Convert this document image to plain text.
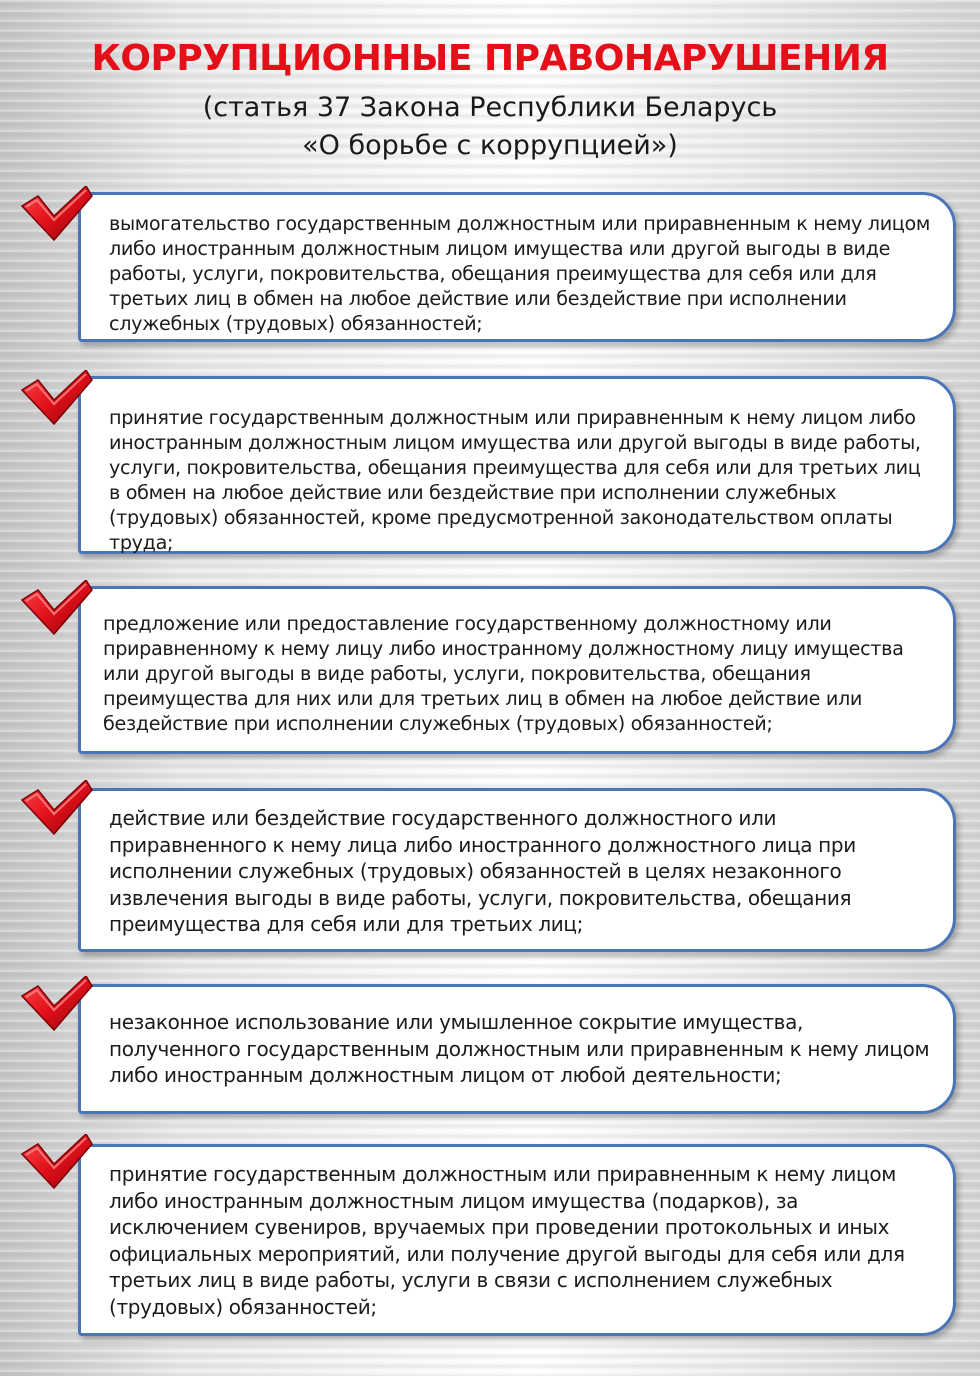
КОРРУПЦИОННЫЕ ПРАВОНАРУШЕНИЯ
(статья 37 Закона Республики Беларусь
«О борьбе с коррупцией»)
вымогательство государственным должностным или приравненным к нему лицом либо иностранным должностным лицом имущества или другой выгоды в виде работы, услуги, покровительства, обещания преимущества для себя или для третьих лиц в обмен на любое действие или бездействие при исполнении служебных (трудовых) обязанностей;
принятие государственным должностным или приравненным к нему лицом либо иностранным должностным лицом имущества или другой выгоды в виде работы, услуги, покровительства, обещания преимущества для себя или для третьих лиц в обмен на любое действие или бездействие при исполнении служебных (трудовых) обязанностей, кроме предусмотренной законодательством оплаты труда;
предложение или предоставление государственному должностному или приравненному к нему лицу либо иностранному должностному лицу имущества или другой выгоды в виде работы, услуги, покровительства, обещания преимущества для них или для третьих лиц в обмен на любое действие или бездействие при исполнении служебных (трудовых) обязанностей;
действие или бездействие государственного должностного или приравненного к нему лица либо иностранного должностного лица при исполнении служебных (трудовых) обязанностей в целях незаконного извлечения выгоды в виде работы, услуги, покровительства, обещания преимущества для себя или для третьих лиц;
незаконное использование или умышленное сокрытие имущества, полученного государственным должностным или приравненным к нему лицом либо иностранным должностным лицом от любой деятельности;
принятие государственным должностным или приравненным к нему лицом либо иностранным должностным лицом имущества (подарков), за исключением сувениров, вручаемых при проведении протокольных и иных официальных мероприятий, или получение другой выгоды для себя или для третьих лиц в виде работы, услуги в связи с исполнением служебных (трудовых) обязанностей;
